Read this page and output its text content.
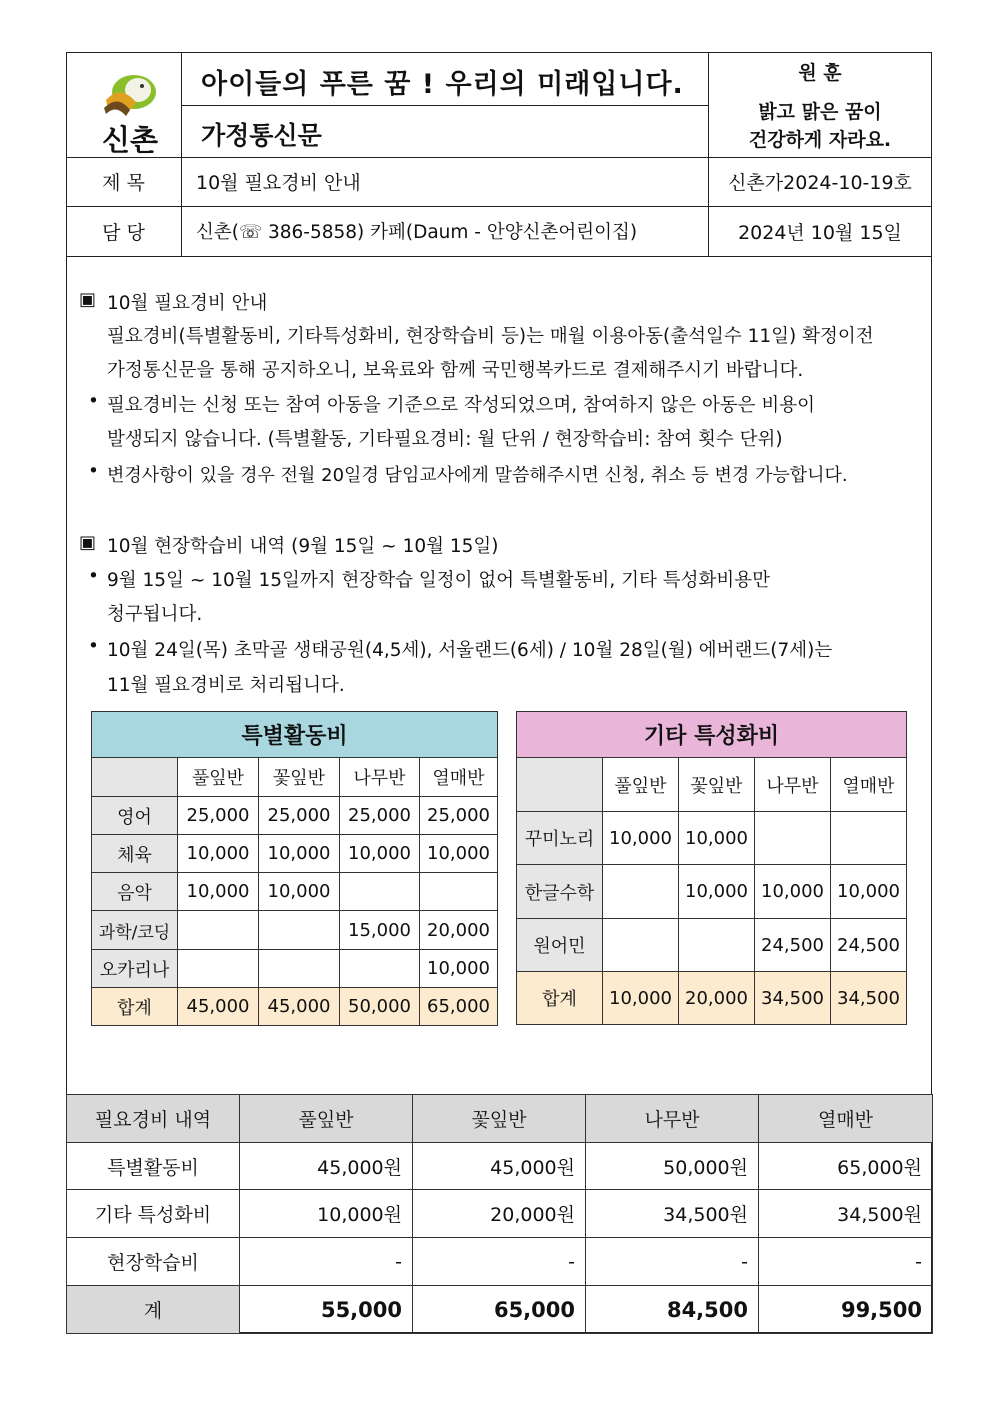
신촌
아이들의 푸른 꿈 ! 우리의 미래입니다.
가정통신문
원 훈
밝고 맑은 꿈이
건강하게 자라요.
제 목	10월 필요경비 안내	신촌가2024-10-19호
담 당	신촌(☏ 386-5858) 카페(Daum - 안양신촌어린이집)	2024년 10월 15일
▣ 10월 필요경비 안내
필요경비(특별활동비, 기타특성화비, 현장학습비 등)는 매월 이용아동(출석일수 11일) 확정이전
가정통신문을 통해 공지하오니, 보육료와 함께 국민행복카드로 결제해주시기 바랍니다.
• 필요경비는 신청 또는 참여 아동을 기준으로 작성되었으며, 참여하지 않은 아동은 비용이
발생되지 않습니다. (특별활동, 기타필요경비: 월 단위 / 현장학습비: 참여 횟수 단위)
• 변경사항이 있을 경우 전월 20일경 담임교사에게 말씀해주시면 신청, 취소 등 변경 가능합니다.
▣ 10월 현장학습비 내역 (9월 15일 ~ 10월 15일)
• 9월 15일 ~ 10월 15일까지 현장학습 일정이 없어 특별활동비, 기타 특성화비용만
청구됩니다.
• 10월 24일(목) 초막골 생태공원(4,5세), 서울랜드(6세) / 10월 28일(월) 에버랜드(7세)는
11월 필요경비로 처리됩니다.
특별활동비				
	풀잎반	꽃잎반	나무반	열매반
영어	25,000	25,000	25,000	25,000
체육	10,000	10,000	10,000	10,000
음악	10,000	10,000		
과학/코딩			15,000	20,000
오카리나				10,000
합계	45,000	45,000	50,000	65,000
기타 특성화비				
	풀잎반	꽃잎반	나무반	열매반
꾸미노리	10,000	10,000		
한글수학		10,000	10,000	10,000
원어민			24,500	24,500
합계	10,000	20,000	34,500	34,500
필요경비 내역	풀잎반	꽃잎반	나무반	열매반
특별활동비	45,000원	45,000원	50,000원	65,000원
기타 특성화비	10,000원	20,000원	34,500원	34,500원
현장학습비	-	-	-	-
계	55,000	65,000	84,500	99,500
